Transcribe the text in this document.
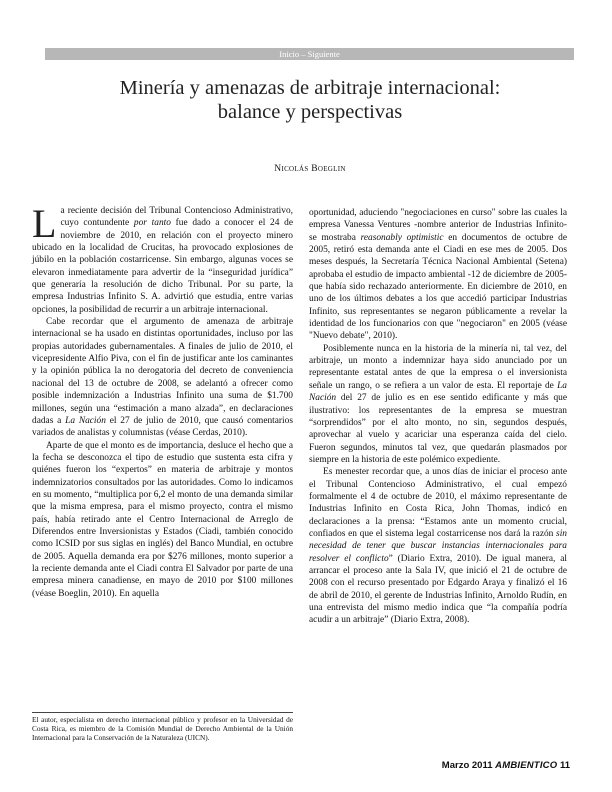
Inicio – Siguiente
Minería y amenazas de arbitraje internacional:
balance y perspectivas
Nicolás Boeglin

La reciente decisión del Tribunal Contencioso Administrativo, cuyo contundente por tanto fue dado a conocer el 24 de noviembre de 2010, en relación con el proyecto minero ubicado en la localidad de Crucitas, ha provocado explosiones de júbilo en la población costarricense. Sin embargo, algunas voces se elevaron inmediatamente para advertir de la “inseguridad jurídica” que generaría la resolución de dicho Tribunal. Por su parte, la empresa Industrias Infinito S. A. advirtió que estudia, entre varias opciones, la posibilidad de recurrir a un arbitraje internacional.

Cabe recordar que el argumento de amenaza de arbitraje internacional se ha usado en distintas oportunidades, incluso por las propias autoridades gubernamentales. A finales de julio de 2010, el vicepresidente Alfio Piva, con el fin de justificar ante los caminantes y la opinión pública la no derogatoria del decreto de conveniencia nacional del 13 de octubre de 2008, se adelantó a ofrecer como posible indemnización a Industrias Infinito una suma de $1.700 millones, según una “estimación a mano alzada”, en declaraciones dadas a La Nación el 27 de julio de 2010, que causó comentarios variados de analistas y columnistas (véase Cerdas, 2010).

Aparte de que el monto es de importancia, desluce el hecho que a la fecha se desconozca el tipo de estudio que sustenta esta cifra y quiénes fueron los “expertos” en materia de arbitraje y montos indemnizatorios consultados por las autoridades. Como lo indicamos en su momento, “multiplica por 6,2 el monto de una demanda similar que la misma empresa, para el mismo proyecto, contra el mismo país, había retirado ante el Centro Internacional de Arreglo de Diferendos entre Inversionistas y Estados (Ciadi, también conocido como ICSID por sus siglas en inglés) del Banco Mundial, en octubre de 2005. Aquella demanda era por $276 millones, monto superior a la reciente demanda ante el Ciadi contra El Salvador por parte de una empresa minera canadiense, en mayo de 2010 por $100 millones (véase Boeglin, 2010). En aquella

oportunidad, aduciendo "negociaciones en curso" sobre las cuales la empresa Vanessa Ventures -nombre anterior de Industrias Infinito- se mostraba reasonably optimistic en documentos de octubre de 2005, retiró esta demanda ante el Ciadi en ese mes de 2005. Dos meses después, la Secretaría Técnica Nacional Ambiental (Setena) aprobaba el estudio de impacto ambiental -12 de diciembre de 2005- que había sido rechazado anteriormente. En diciembre de 2010, en uno de los últimos debates a los que accedió participar Industrias Infinito, sus representantes se negaron públicamente a revelar la identidad de los funcionarios con que "negociaron" en 2005 (véase "Nuevo debate", 2010).

Posiblemente nunca en la historia de la minería ni, tal vez, del arbitraje, un monto a indemnizar haya sido anunciado por un representante estatal antes de que la empresa o el inversionista señale un rango, o se refiera a un valor de esta. El reportaje de La Nación del 27 de julio es en ese sentido edificante y más que ilustrativo: los representantes de la empresa se muestran “sorprendidos” por el alto monto, no sin, segundos después, aprovechar al vuelo y acariciar una esperanza caída del cielo. Fueron segundos, minutos tal vez, que quedarán plasmados por siempre en la historia de este polémico expediente.

Es menester recordar que, a unos días de iniciar el proceso ante el Tribunal Contencioso Administrativo, el cual empezó formalmente el 4 de octubre de 2010, el máximo representante de Industrias Infinito en Costa Rica, John Thomas, indicó en declaraciones a la prensa: “Estamos ante un momento crucial, confiados en que el sistema legal costarricense nos dará la razón sin necesidad de tener que buscar instancias internacionales para resolver el conflicto” (Diario Extra, 2010). De igual manera, al arrancar el proceso ante la Sala IV, que inició el 21 de octubre de 2008 con el recurso presentado por Edgardo Araya y finalizó el 16 de abril de 2010, el gerente de Industrias Infinito, Arnoldo Rudín, en una entrevista del mismo medio indica que “la compañía podría acudir a un arbitraje” (Diario Extra, 2008).

El autor, especialista en derecho internacional público y profesor en la Universidad de Costa Rica, es miembro de la Comisión Mundial de Derecho Ambiental de la Unión Internacional para la Conservación de la Naturaleza (UICN).
Marzo 2011 AMBIENTICO 11
